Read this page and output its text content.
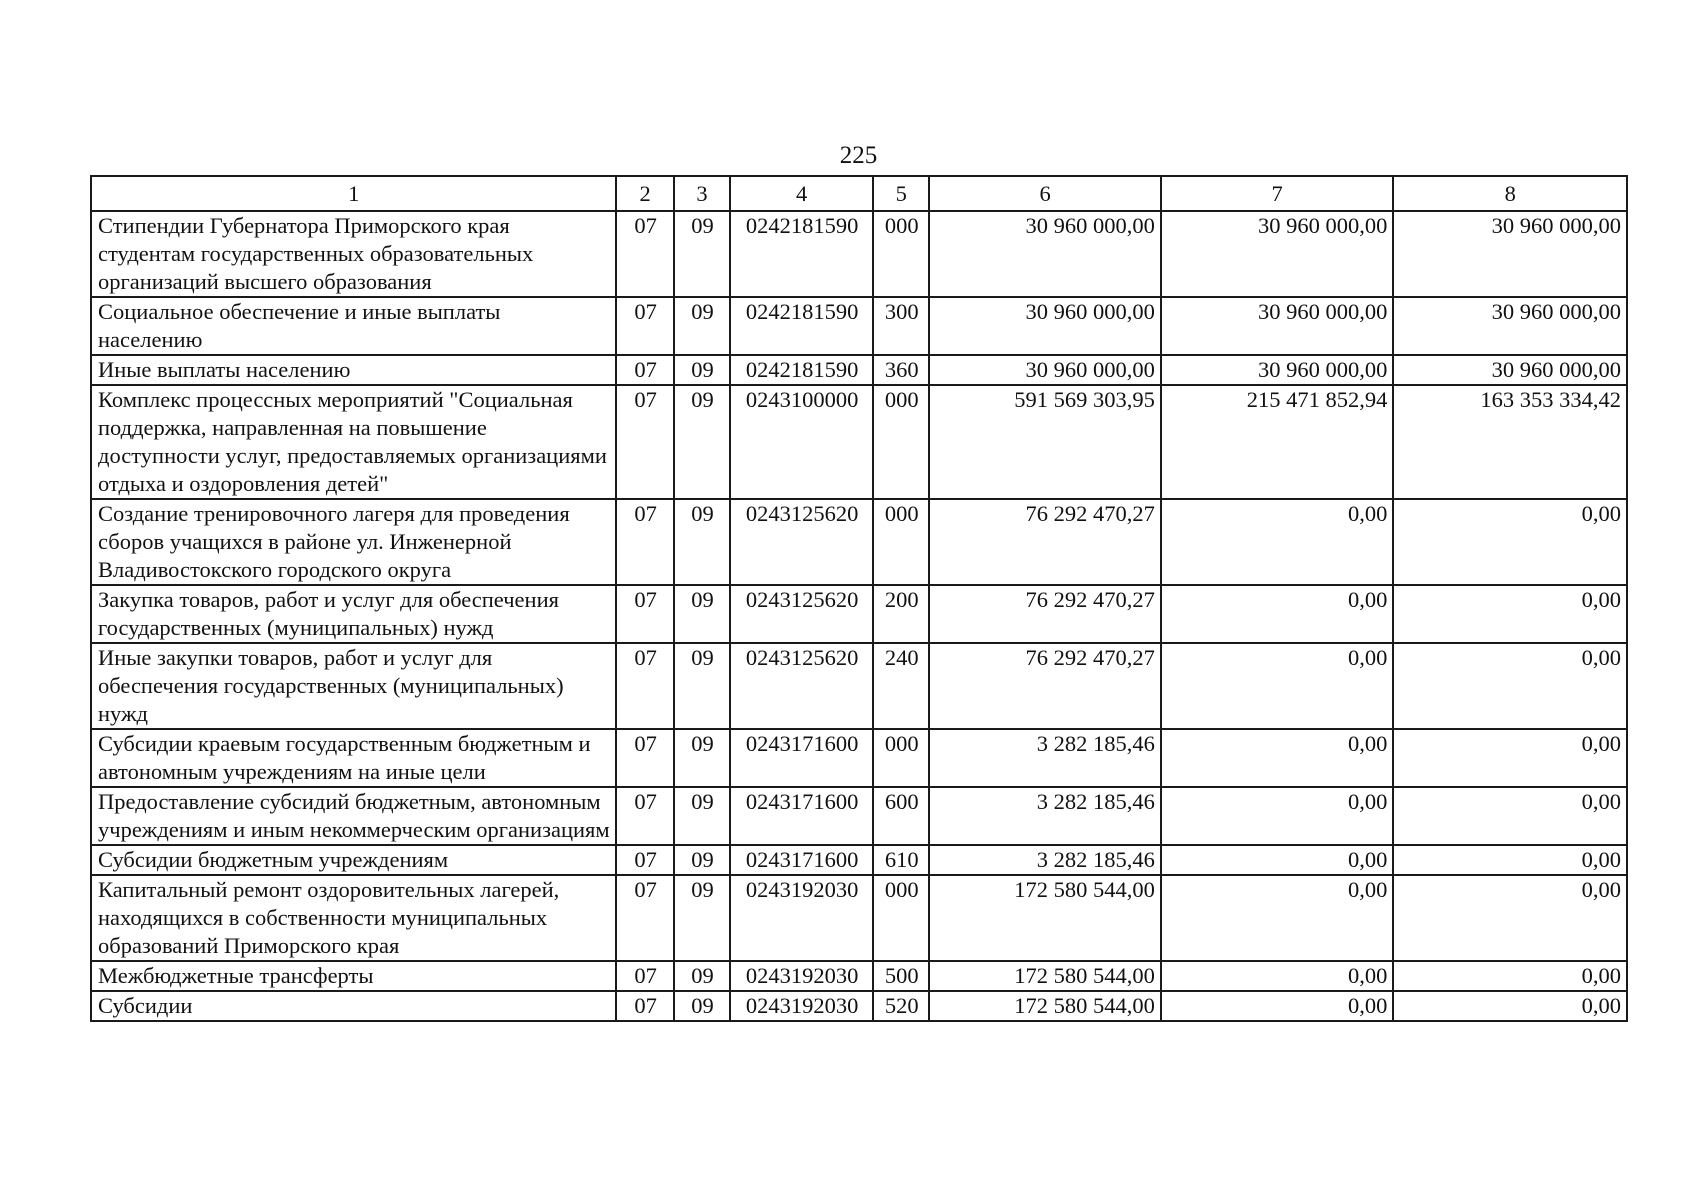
225
1	2	3	4	5	6	7	8
Стипендии Губернатора Приморского края студентам государственных образовательных организаций высшего образования	07	09	0242181590	000	30 960 000,00	30 960 000,00	30 960 000,00
Социальное обеспечение и иные выплаты населению	07	09	0242181590	300	30 960 000,00	30 960 000,00	30 960 000,00
Иные выплаты населению	07	09	0242181590	360	30 960 000,00	30 960 000,00	30 960 000,00
Комплекс процессных мероприятий "Социальная поддержка, направленная на повышение доступности услуг, предоставляемых организациями отдыха и оздоровления детей"	07	09	0243100000	000	591 569 303,95	215 471 852,94	163 353 334,42
Создание тренировочного лагеря для проведения сборов учащихся в районе ул. Инженерной Владивостокского городского округа	07	09	0243125620	000	76 292 470,27	0,00	0,00
Закупка товаров, работ и услуг для обеспечения государственных (муниципальных) нужд	07	09	0243125620	200	76 292 470,27	0,00	0,00
Иные закупки товаров, работ и услуг для обеспечения государственных (муниципальных) нужд	07	09	0243125620	240	76 292 470,27	0,00	0,00
Субсидии краевым государственным бюджетным и автономным учреждениям на иные цели	07	09	0243171600	000	3 282 185,46	0,00	0,00
Предоставление субсидий бюджетным, автономным учреждениям и иным некоммерческим организациям	07	09	0243171600	600	3 282 185,46	0,00	0,00
Субсидии бюджетным учреждениям	07	09	0243171600	610	3 282 185,46	0,00	0,00
Капитальный ремонт оздоровительных лагерей, находящихся в собственности муниципальных образований Приморского края	07	09	0243192030	000	172 580 544,00	0,00	0,00
Межбюджетные трансферты	07	09	0243192030	500	172 580 544,00	0,00	0,00
Субсидии	07	09	0243192030	520	172 580 544,00	0,00	0,00
